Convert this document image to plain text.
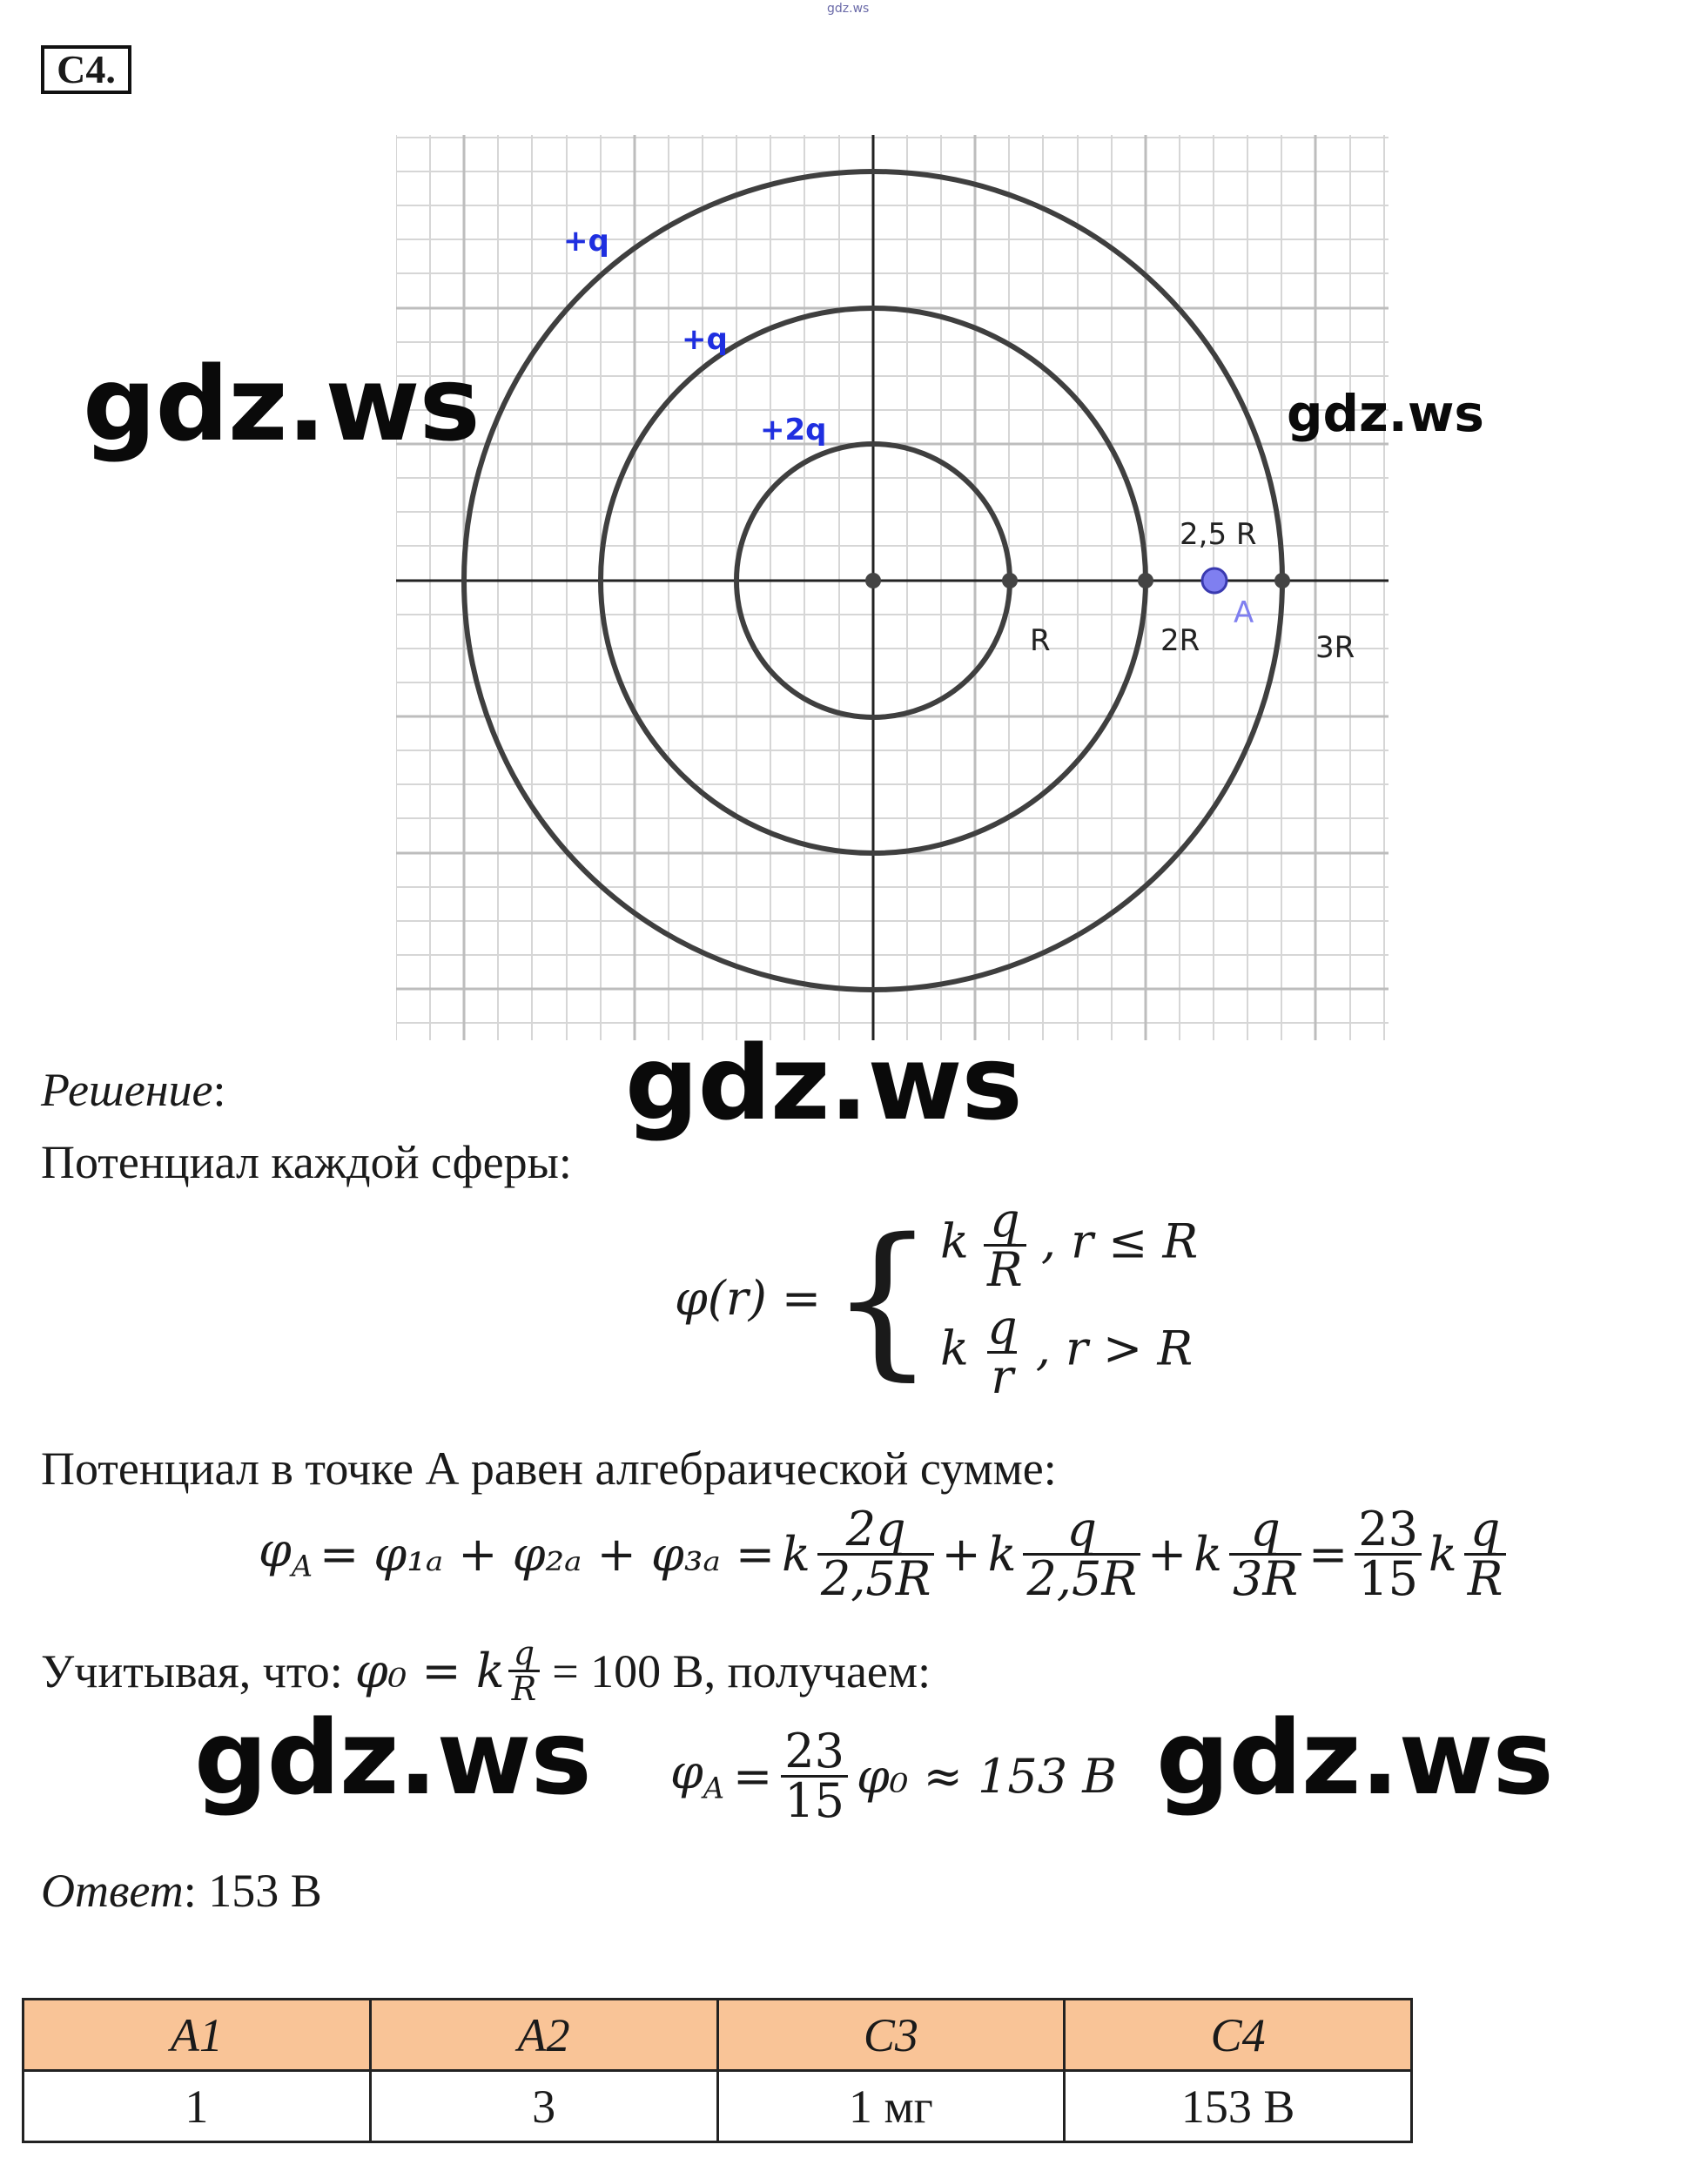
gdz.ws
С4.
+q
+q
+2q
R	2R	3R
2,5 R
A
gdz.ws	gdz.ws
gdz.ws
gdz.ws	gdz.ws
Решение:
Потенциал каждой сферы:
φ(r) = { k $\frac{q}{R}$ , r ≤ R
k $\frac{q}{r}$ , r > R
Потенциал в точке А равен алгебраической сумме:
$\varphi_A = \varphi_{1a} + \varphi_{2a} + \varphi_{3a} = k \frac{2q}{2,5R} + k \frac{q}{2,5R} + k \frac{q}{3R} = \frac{23}{15}$ k $\frac{q}{R}$
Учитывая, что: φ₀ = k $\frac{q}{R} = 100$ В, получаем:
$\varphi_A = \frac{23}{15} \varphi_0 \approx 153$ В
Ответ: 153 В
A1	A2	C3	C4
1	3	1 мг	153 В
